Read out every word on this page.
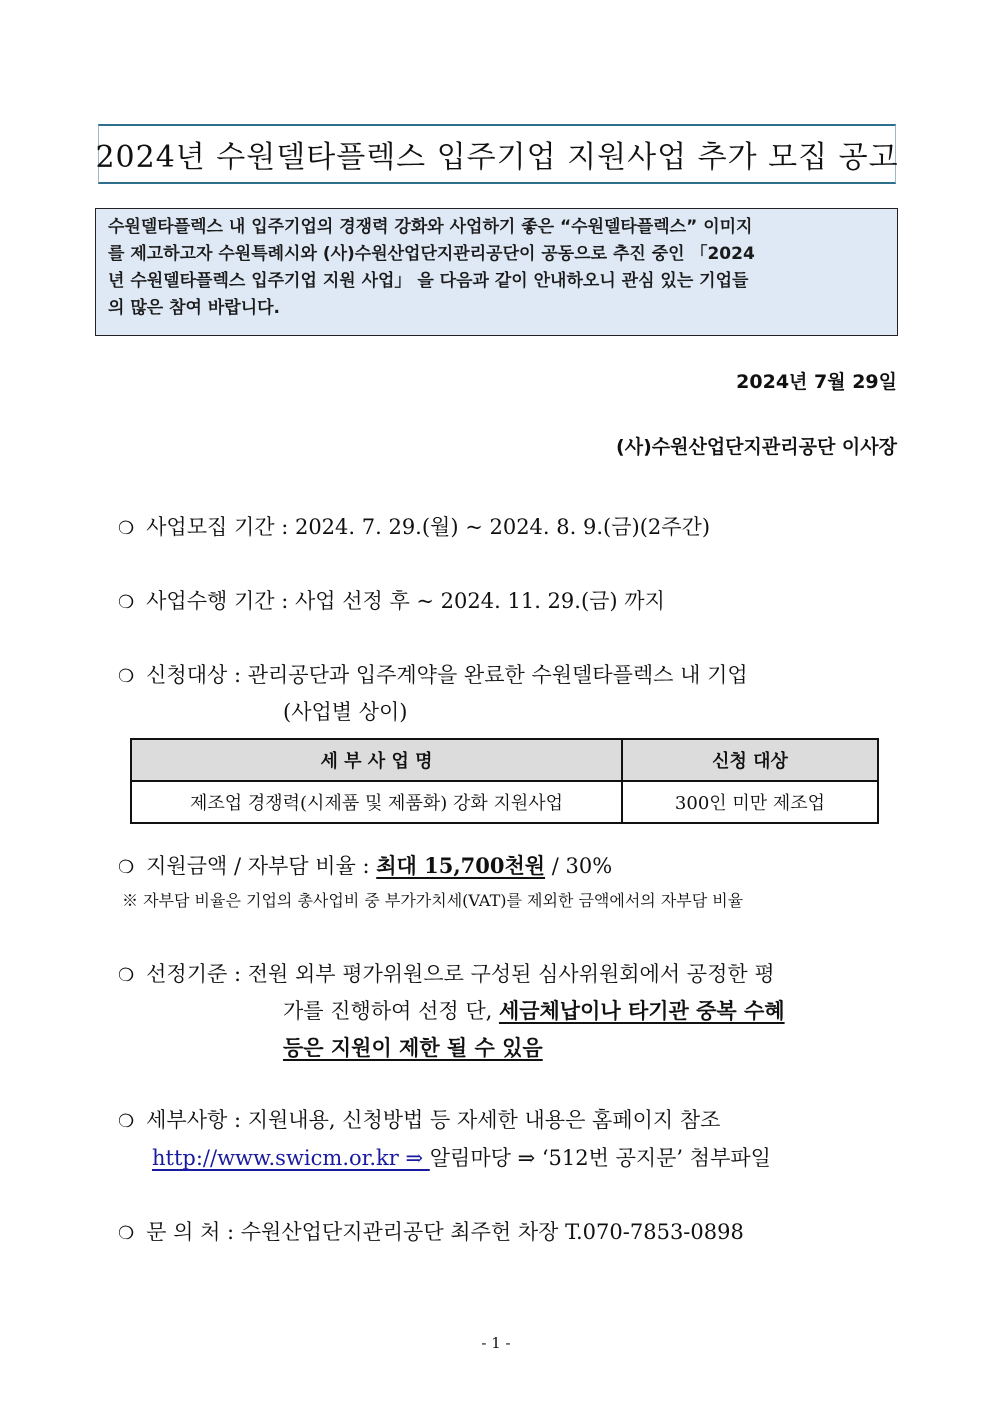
2024년 수원델타플렉스 입주기업 지원사업 추가 모집 공고
수원델타플렉스 내 입주기업의 경쟁력 강화와 사업하기 좋은 “수원델타플렉스” 이미지
를 제고하고자 수원특례시와 (사)수원산업단지관리공단이 공동으로 추진 중인 「2024
년 수원델타플렉스 입주기업 지원 사업」 을 다음과 같이 안내하오니 관심 있는 기업들
의 많은 참여 바랍니다.
2024년 7월 29일
(사)수원산업단지관리공단 이사장
❍ 사업모집 기간 : 2024. 7. 29.(월) ~ 2024. 8. 9.(금)(2주간)
❍ 사업수행 기간 : 사업 선정 후 ~ 2024. 11. 29.(금) 까지
❍ 신청대상 : 관리공단과 입주계약을 완료한 수원델타플렉스 내 기업
(사업별 상이)
세 부 사 업 명	신청 대상
제조업 경쟁력(시제품 및 제품화) 강화 지원사업	300인 미만 제조업
❍ 지원금액 / 자부담 비율 : 최대 15,700천원 / 30%
※ 자부담 비율은 기업의 총사업비 중 부가가치세(VAT)를 제외한 금액에서의 자부담 비율
❍ 선정기준 : 전원 외부 평가위원으로 구성된 심사위원회에서 공정한 평
가를 진행하여 선정 단, 세금체납이나 타기관 중복 수혜
등은 지원이 제한 될 수 있음
❍ 세부사항 : 지원내용, 신청방법 등 자세한 내용은 홈페이지 참조
http://www.swicm.or.kr ⇒ 알림마당 ⇒ ‘512번 공지문’ 첨부파일
❍ 문 의 처 : 수원산업단지관리공단 최주헌 차장 T.070-7853-0898
- 1 -
